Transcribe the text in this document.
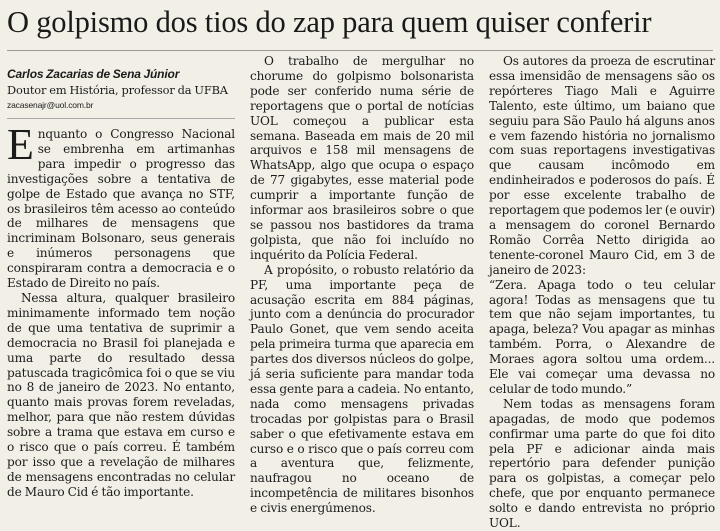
O golpismo dos tios do zap para quem quiser conferir
Carlos Zacarias de Sena Júnior
Doutor em História, professor da UFBA
zacasenajr@uol.com.br

Enquanto o Congresso Nacional se embrenha em artimanhas para impedir o progresso das investigações sobre a tentativa de golpe de Estado que avança no STF, os brasileiros têm acesso ao conteúdo de milhares de mensagens que incriminam Bolsonaro, seus generais e inúmeros personagens que conspiraram contra a democracia e o Estado de Direito no país.

Nessa altura, qualquer brasileiro minimamente informado tem noção de que uma tentativa de suprimir a democracia no Brasil foi planejada e uma parte do resultado dessa patuscada tragicômica foi o que se viu no 8 de janeiro de 2023. No entanto, quanto mais provas forem reveladas, melhor, para que não restem dúvidas sobre a trama que estava em curso e o risco que o país correu. É também por isso que a revelação de milhares de mensagens encontradas no celular de Mauro Cid é tão importante.

O trabalho de mergulhar no chorume do golpismo bolsonarista pode ser conferido numa série de reportagens que o portal de notícias UOL começou a publicar esta semana. Baseada em mais de 20 mil arquivos e 158 mil mensagens de WhatsApp, algo que ocupa o espaço de 77 gigabytes, esse material pode cumprir a importante função de informar aos brasileiros sobre o que se passou nos bastidores da trama golpista, que não foi incluído no inquérito da Polícia Federal.

A propósito, o robusto relatório da PF, uma importante peça de acusação escrita em 884 páginas, junto com a denúncia do procurador Paulo Gonet, que vem sendo aceita pela primeira turma que aparecia em partes dos diversos núcleos do golpe, já seria suficiente para mandar toda essa gente para a cadeia. No entanto, nada como mensagens privadas trocadas por golpistas para o Brasil saber o que efetivamente estava em curso e o risco que o país correu com a aventura que, felizmente, naufragou no oceano de incompetência de militares bisonhos e civis energúmenos.

Os autores da proeza de escrutinar essa imensidão de mensagens são os repórteres Tiago Mali e Aguirre Talento, este último, um baiano que seguiu para São Paulo há alguns anos e vem fazendo história no jornalismo com suas reportagens investigativas que causam incômodo em endinheirados e poderosos do país. É por esse excelente trabalho de reportagem que podemos ler (e ouvir) a mensagem do coronel Bernardo Romão Corrêa Netto dirigida ao tenente-coronel Mauro Cid, em 3 de janeiro de 2023:

“Zera. Apaga todo o teu celular agora! Todas as mensagens que tu tem que não sejam importantes, tu apaga, beleza? Vou apagar as minhas também. Porra, o Alexandre de Moraes agora soltou uma ordem... Ele vai começar uma devassa no celular de todo mundo.”

Nem todas as mensagens foram apagadas, de modo que podemos confirmar uma parte do que foi dito pela PF e adicionar ainda mais repertório para defender punição para os golpistas, a começar pelo chefe, que por enquanto permanece solto e dando entrevista no próprio UOL.
